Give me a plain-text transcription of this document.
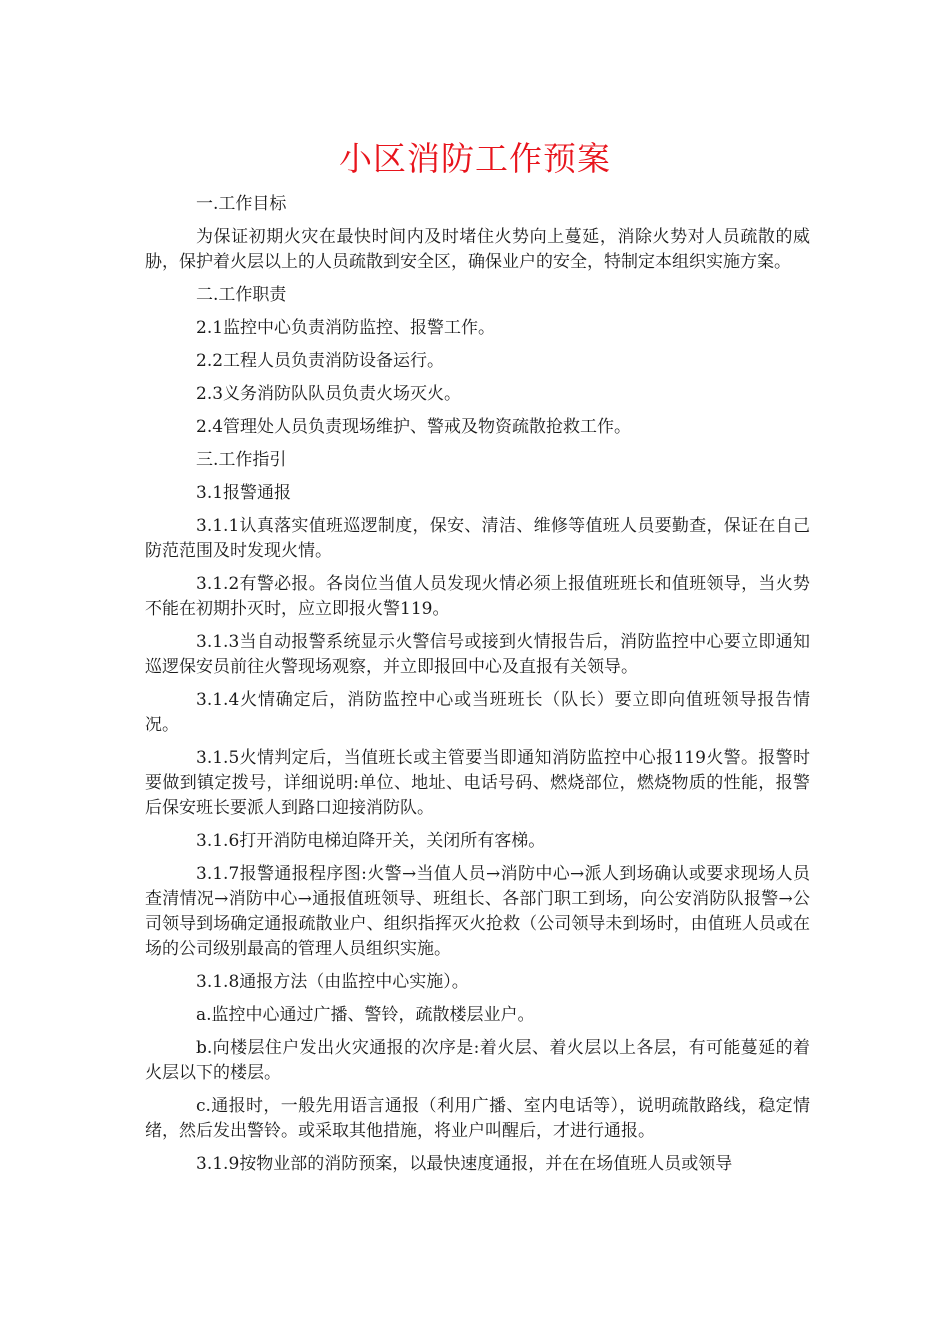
小区消防工作预案

一.工作目标

为保证初期火灾在最快时间内及时堵住火势向上蔓延，消除火势对人员疏散的威胁，保护着火层以上的人员疏散到安全区，确保业户的安全，特制定本组织实施方案。

二.工作职责

2.1监控中心负责消防监控、报警工作。

2.2工程人员负责消防设备运行。

2.3义务消防队队员负责火场灭火。

2.4管理处人员负责现场维护、警戒及物资疏散抢救工作。

三.工作指引

3.1报警通报

3.1.1认真落实值班巡逻制度，保安、清洁、维修等值班人员要勤查，保证在自己防范范围及时发现火情。

3.1.2有警必报。各岗位当值人员发现火情必须上报值班班长和值班领导，当火势不能在初期扑灭时，应立即报火警119。

3.1.3当自动报警系统显示火警信号或接到火情报告后，消防监控中心要立即通知巡逻保安员前往火警现场观察，并立即报回中心及直报有关领导。

3.1.4火情确定后，消防监控中心或当班班长（队长）要立即向值班领导报告情况。

3.1.5火情判定后，当值班长或主管要当即通知消防监控中心报119火警。报警时要做到镇定拨号，详细说明:单位、地址、电话号码、燃烧部位，燃烧物质的性能，报警后保安班长要派人到路口迎接消防队。

3.1.6打开消防电梯迫降开关，关闭所有客梯。

3.1.7报警通报程序图:火警→当值人员→消防中心→派人到场确认或要求现场人员查清情况→消防中心→通报值班领导、班组长、各部门职工到场，向公安消防队报警→公司领导到场确定通报疏散业户、组织指挥灭火抢救（公司领导未到场时，由值班人员或在场的公司级别最高的管理人员组织实施。

3.1.8通报方法（由监控中心实施）。

a.监控中心通过广播、警铃，疏散楼层业户。

b.向楼层住户发出火灾通报的次序是:着火层、着火层以上各层，有可能蔓延的着火层以下的楼层。

c.通报时，一般先用语言通报（利用广播、室内电话等），说明疏散路线，稳定情绪，然后发出警铃。或采取其他措施，将业户叫醒后，才进行通报。

3.1.9按物业部的消防预案，以最快速度通报，并在在场值班人员或领导
